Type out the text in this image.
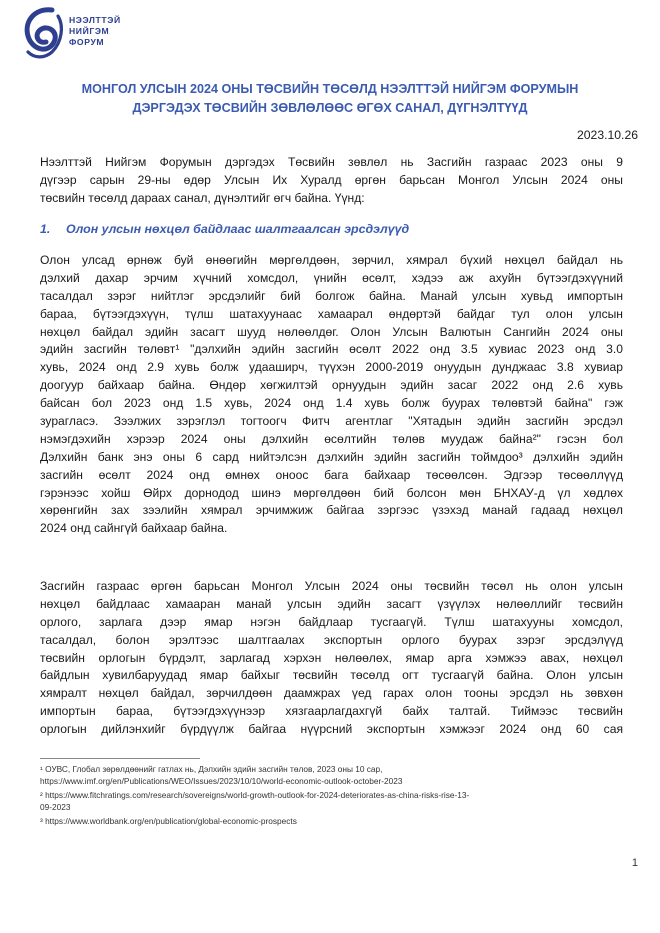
НЭЭЛТТЭЙ
НИЙГЭМ
ФОРУМ
МОНГОЛ УЛСЫН 2024 ОНЫ ТӨСВИЙН ТӨСӨЛД НЭЭЛТТЭЙ НИЙГЭМ ФОРУМЫН
ДЭРГЭДЭХ ТӨСВИЙН ЗӨВЛӨЛӨӨС ӨГӨХ САНАЛ, ДҮГНЭЛТҮҮД
2023.10.26
Нээлттэй Нийгэм Форумын дэргэдэх Төсвийн зөвлөл нь Засгийн газраас 2023 оны 9
дүгээр сарын 29-ны өдөр Улсын Их Хуралд өргөн барьсан Монгол Улсын 2024 оны
төсвийн төсөлд дараах санал, дүнэлтийг өгч байна. Үүнд:
1. Олон улсын нөхцөл байдлаас шалтгаалсан эрсдэлүүд
Олон улсад өрнөж буй өнөөгийн мөргөлдөөн, зөрчил, хямрал бүхий нөхцөл байдал нь
дэлхий дахар эрчим хүчний хомсдол, үнийн өсөлт, хэдээ аж ахуйн бүтээгдэхүүний
тасалдал зэрэг нийтлэг эрсдэлийг бий болгож байна. Манай улсын хувьд импортын
бараа, бүтээгдэхүүн, түлш шатахуунаас хамаарал өндөртэй байдаг тул олон улсын
нөхцөл байдал эдийн засагт шууд нөлөөлдөг. Олон Улсын Валютын Сангийн 2024 оны
эдийн засгийн төлөвт¹ "дэлхийн эдийн засгийн өсөлт 2022 онд 3.5 хувиас 2023 онд 3.0
хувь, 2024 онд 2.9 хувь болж удааширч, түүхэн 2000-2019 онуудын дунджаас 3.8 хувиар
доогуур байхаар байна. Өндөр хөгжилтэй орнуудын эдийн засаг 2022 онд 2.6 хувь
байсан бол 2023 онд 1.5 хувь, 2024 онд 1.4 хувь болж буурах төлөвтэй байна" гэж
зурагласэ. Зээлжих зэрэглэл тогтоогч Фитч агентлаг "Хятадын эдийн засгийн эрсдэл
нэмэгдэхийн хэрээр 2024 оны дэлхийн өсөлтийн төлөв муудаж байна²" гэсэн бол
Дэлхийн банк энэ оны 6 сард нийтэлсэн дэлхийн эдийн засгийн тоймдоо³ дэлхийн эдийн
засгийн өсөлт 2024 онд өмнөх оноос бага байхаар төсөөлсөн. Эдгээр төсөөллүүд
гэрэнээс хойш Өйрх дорнодод шинэ мөргөлдөөн бий болсон мөн БНХАУ-д үл хөдлөх
хөрөнгийн зах зээлийн хямрал эрчимжиж байгаа зэргээс үзэхэд манай гадаад нөхцөл
2024 онд сайнгүй байхаар байна.
Засгийн газраас өргөн барьсан Монгол Улсын 2024 оны төсвийн төсөл нь олон улсын
нөхцөл байдлаас хамааран манай улсын эдийн засагт үзүүлэх нөлөөллийг төсвийн
орлого, зарлага дээр ямар нэгэн байдлаар тусгаагүй. Түлш шатахууны хомсдол,
тасалдал, болон эрэлтээс шалтгаалах экспортын орлого буурах зэрэг эрсдэлүүд
төсвийн орлогын бүрдэлт, зарлагад хэрхэн нөлөөлөх, ямар арга хэмжээ авах, нөхцөл
байдлын хувилбаруудад ямар байхыг төсвийн төсөлд огт тусгаагүй байна. Олон улсын
хямралт нөхцөл байдал, зөрчилдөөн даамжрах үед гарах олон тооны эрсдэл нь зөвхөн
импортын бараа, бүтээгдэхүүнээр хязгаарлагдахгүй байх талтай. Тиймээс төсвийн
орлогын дийлэнхийг бүрдүүлж байгаа нүүрсний экспортын хэмжээг 2024 онд 60 сая
¹ ОУВС, Глобал зөрөлдөөнийг гатлах нь, Дэлхийн эдийн засгийн төлов, 2023 оны 10 сар,
https://www.imf.org/en/Publications/WEO/Issues/2023/10/10/world-economic-outlook-october-2023
² https://www.fitchratings.com/research/sovereigns/world-growth-outlook-for-2024-deteriorates-as-china-risks-rise-13-
09-2023
³ https://www.worldbank.org/en/publication/global-economic-prospects
1
